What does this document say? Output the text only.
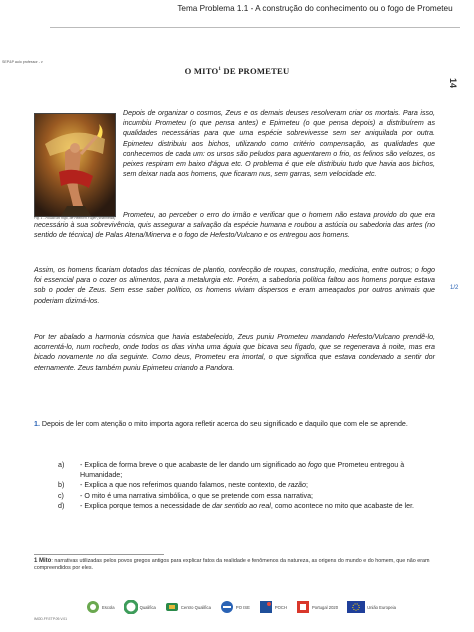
Tema Problema 1.1 - A construção do conhecimento ou o fogo de Prometeu
SEP&P aulo professor - v
14
1/2
O MITO$^1$ DE PROMETEU
Fig. 1 - Roubo do fogo, de Heinrich Füger (Wikimedia)
Depois de organizar o cosmos, Zeus e os demais deuses resolveram criar os mortais. Para isso, incumbiu Prometeu (o que pensa antes) e Epimeteu (o que pensa depois) a distribuírem as qualidades necessárias para que uma espécie sobrevivesse sem ser aniquilada por outra. Epimeteu distribuiu aos bichos, utilizando como critério compensação, as qualidades que conhecemos de cada um: os ursos são peludos para aguentarem o frio, os felinos são velozes, os peixes respiram em baixo d'água etc. O problema é que ele distribuiu tudo que havia aos bichos, sem deixar nada aos homens, que ficaram nus, sem garras, sem velocidade etc.
Prometeu, ao perceber o erro do irmão e verificar que o homem não estava provido do que era necessário à sua sobrevivência, quis assegurar a salvação da espécie humana e roubou a astúcia ou sabedoria das artes (no sentido de técnica) de Palas Atena/Minerva e o fogo de Hefesto/Vulcano e os entregou aos homens.
Assim, os homens ficariam dotados das técnicas de plantio, confecção de roupas, construção, medicina, entre outros; o fogo foi essencial para o cozer os alimentos, para a metalurgia etc. Porém, a sabedoria política faltou aos homens porque estava sob o poder de Zeus. Sem esse saber político, os homens viviam dispersos e eram ameaçados por outros animais que poderiam dizimá-los.
Por ter abalado a harmonia cósmica que havia estabelecido, Zeus puniu Prometeu mandando Hefesto/Vulcano prendê-lo, acorrentá-lo, num rochedo, onde todos os dias vinha uma águia que bicava seu fígado, que se regenerava à noite, mas era bicado novamente no dia seguinte. Como deus, Prometeu era imortal, o que significa que estava condenado a sentir dor eternamente. Zeus também puniu Epimeteu criando a Pandora.
1. Depois de ler com atenção o mito importa agora refletir acerca do seu significado e daquilo que com ele se aprende.
a)	- Explica de forma breve o que acabaste de ler dando um significado ao fogo que Prometeu entregou à Humanidade;
b)	- Explica a que nos referimos quando falamos, neste contexto, de razão;
c)	- O mito é uma narrativa simbólica, o que se pretende com essa narrativa;
d)	- Explica porque temos a necessidade de dar sentido ao real, como acontece no mito que acabaste de ler.
1 Mito: narrativas utilizadas pelos povos gregos antigos para explicar fatos da realidade e fenômenos da natureza, as origens do mundo e do homem, que não eram compreendidos por eles.
IMOD.FF.ETP.09.V.01
Escola	Qualifica	Centro Qualifica	PO ISE	POCH	Portugal 2020	União Europeia
